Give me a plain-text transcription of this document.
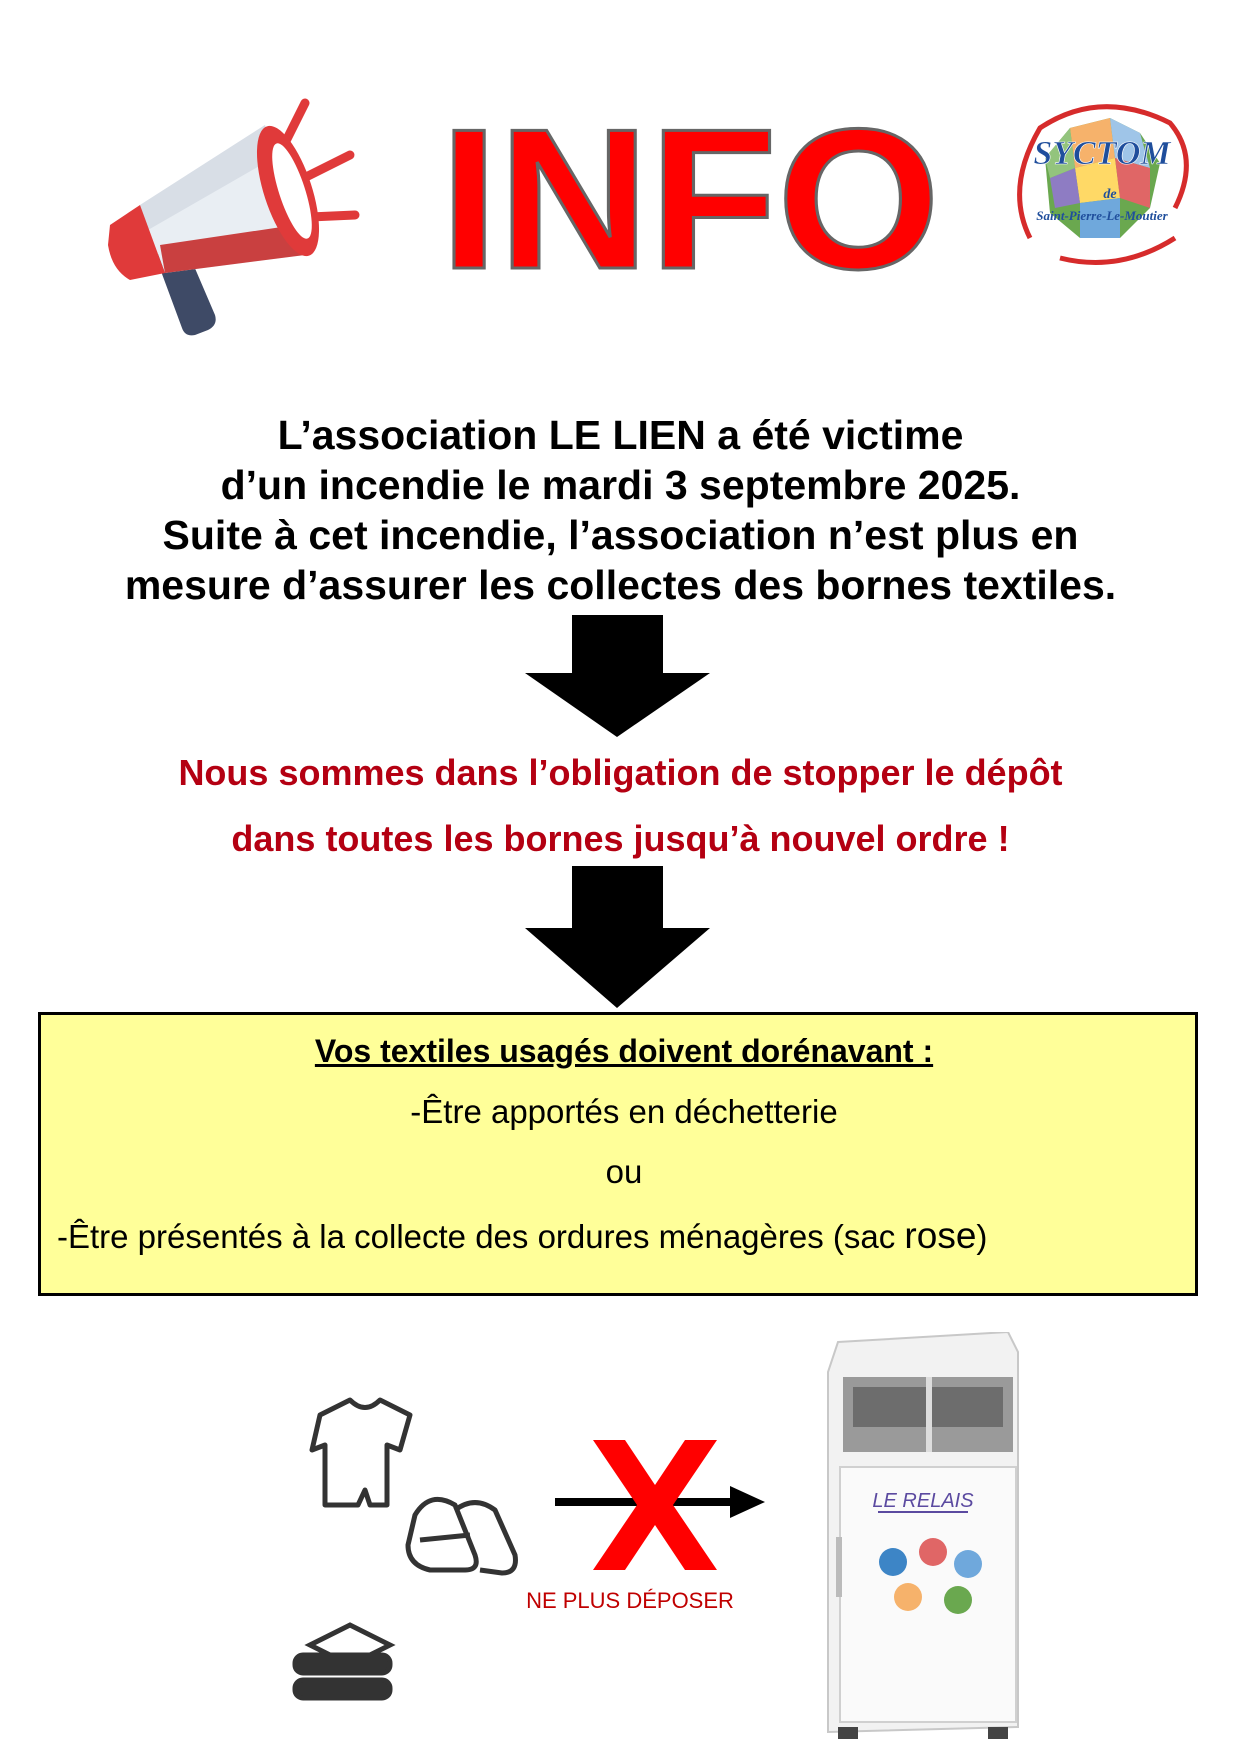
INFO	SYCTOM
de
Saint-Pierre-Le-Moutier
L’association LE LIEN a été victime
d’un incendie le mardi 3 septembre 2025.
Suite à cet incendie, l’association n’est plus en
mesure d’assurer les collectes des bornes textiles.
Nous sommes dans l’obligation de stopper le dépôt
dans toutes les bornes jusqu’à nouvel ordre !
Vos textiles usagés doivent dorénavant :
-Être apportés en déchetterie
ou
-Être présentés à la collecte des ordures ménagères (sac rose)
NE PLUS DÉPOSER
LE RELAIS
